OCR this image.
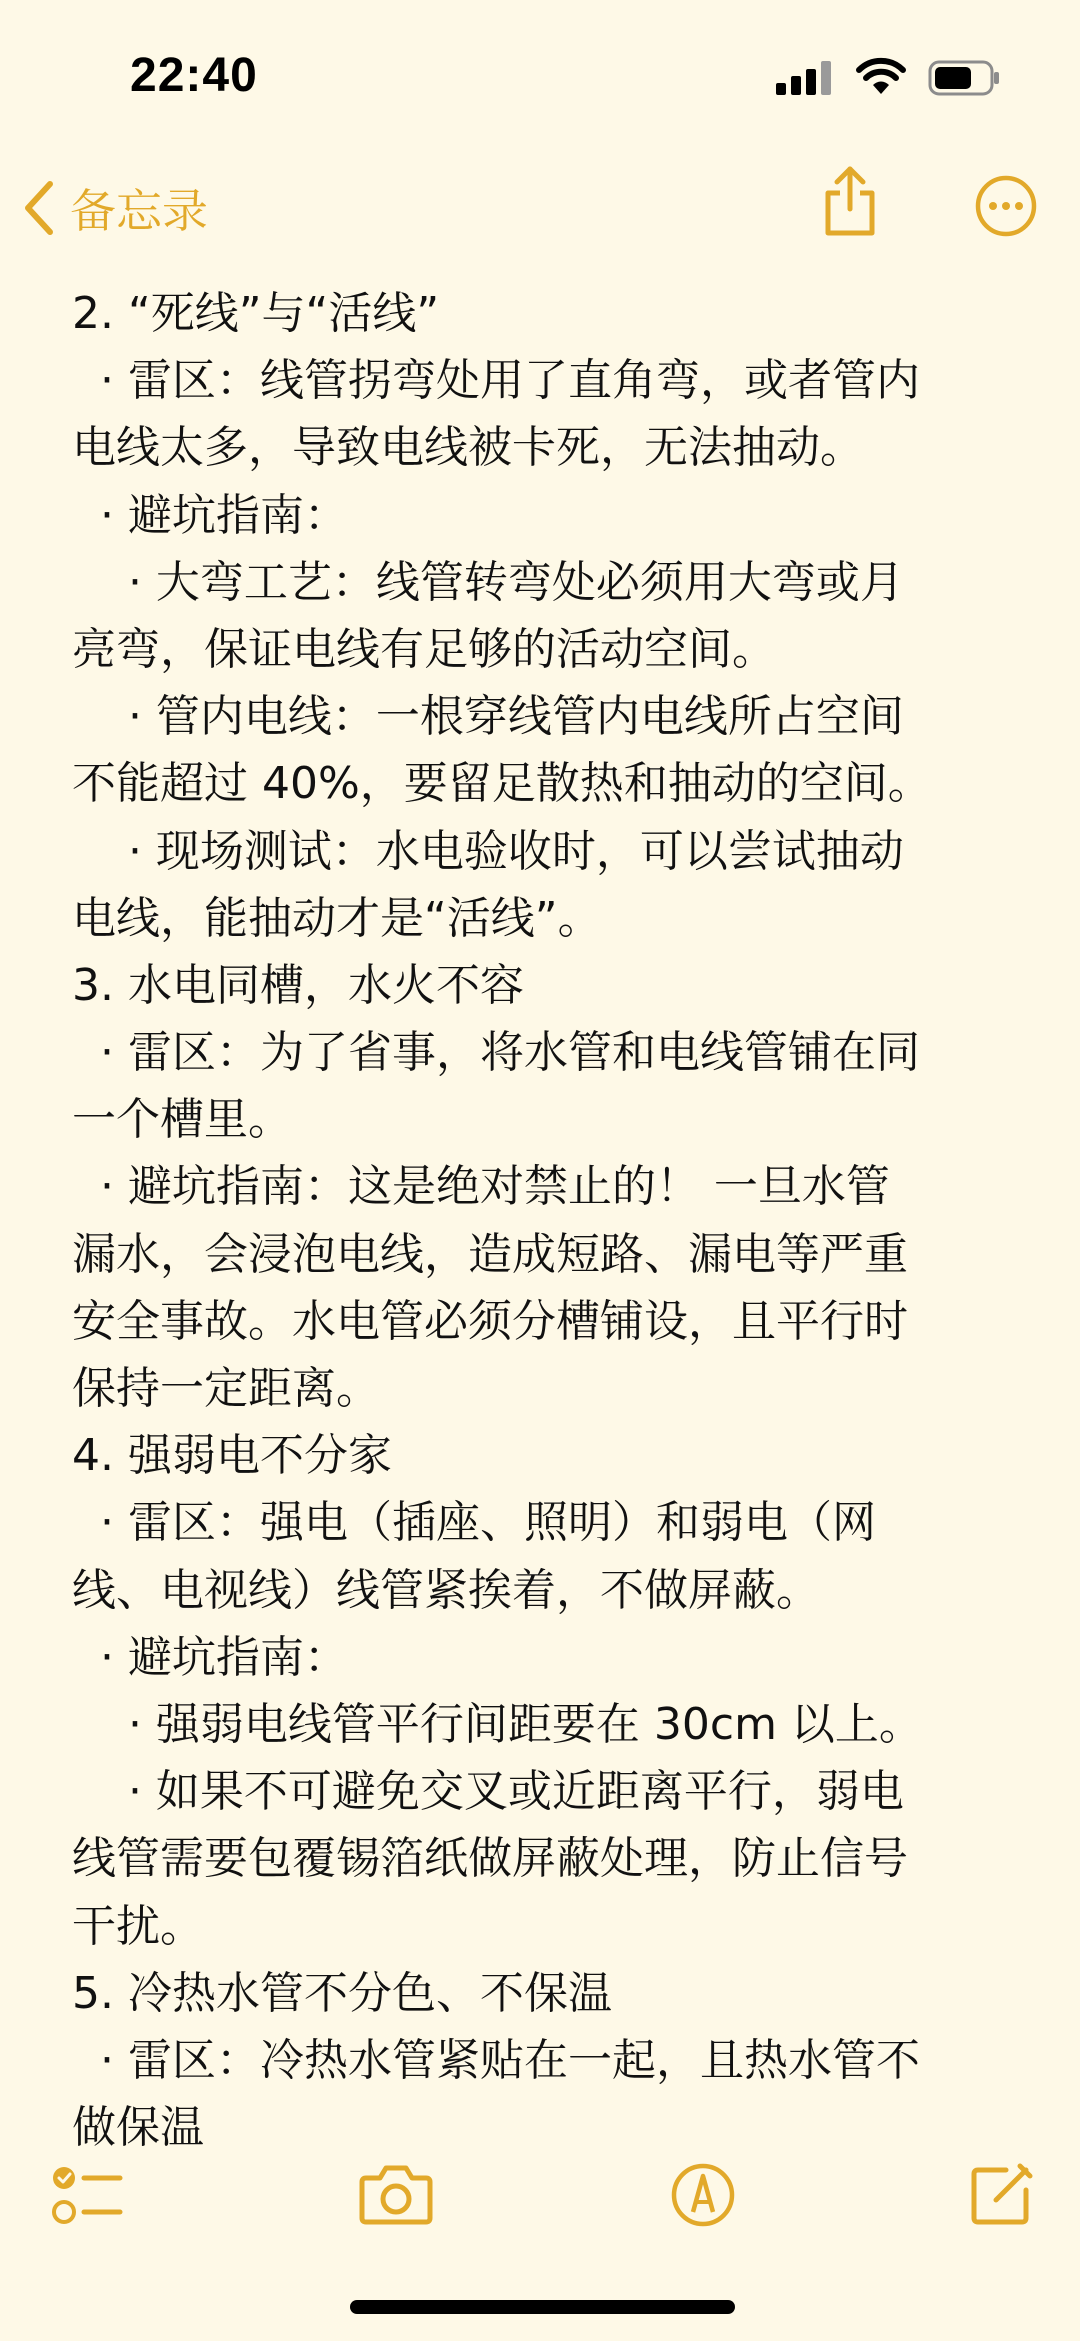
22:40
备忘录
2. “死线”与“活线”
· 雷区：线管拐弯处用了直角弯，或者管内
电线太多，导致电线被卡死，无法抽动。
· 避坑指南：
· 大弯工艺：线管转弯处必须用大弯或月
亮弯，保证电线有足够的活动空间。
· 管内电线：一根穿线管内电线所占空间
不能超过 40%，要留足散热和抽动的空间。
· 现场测试：水电验收时，可以尝试抽动
电线，能抽动才是“活线”。
3. 水电同槽，水火不容
· 雷区：为了省事，将水管和电线管铺在同
一个槽里。
· 避坑指南：这是绝对禁止的！ 一旦水管
漏水，会浸泡电线，造成短路、漏电等严重
安全事故。水电管必须分槽铺设，且平行时
保持一定距离。
4. 强弱电不分家
· 雷区：强电（插座、照明）和弱电（网
线、电视线）线管紧挨着，不做屏蔽。
· 避坑指南：
· 强弱电线管平行间距要在 30cm 以上。
· 如果不可避免交叉或近距离平行，弱电
线管需要包覆锡箔纸做屏蔽处理，防止信号
干扰。
5. 冷热水管不分色、不保温
· 雷区：冷热水管紧贴在一起，且热水管不
做保温
